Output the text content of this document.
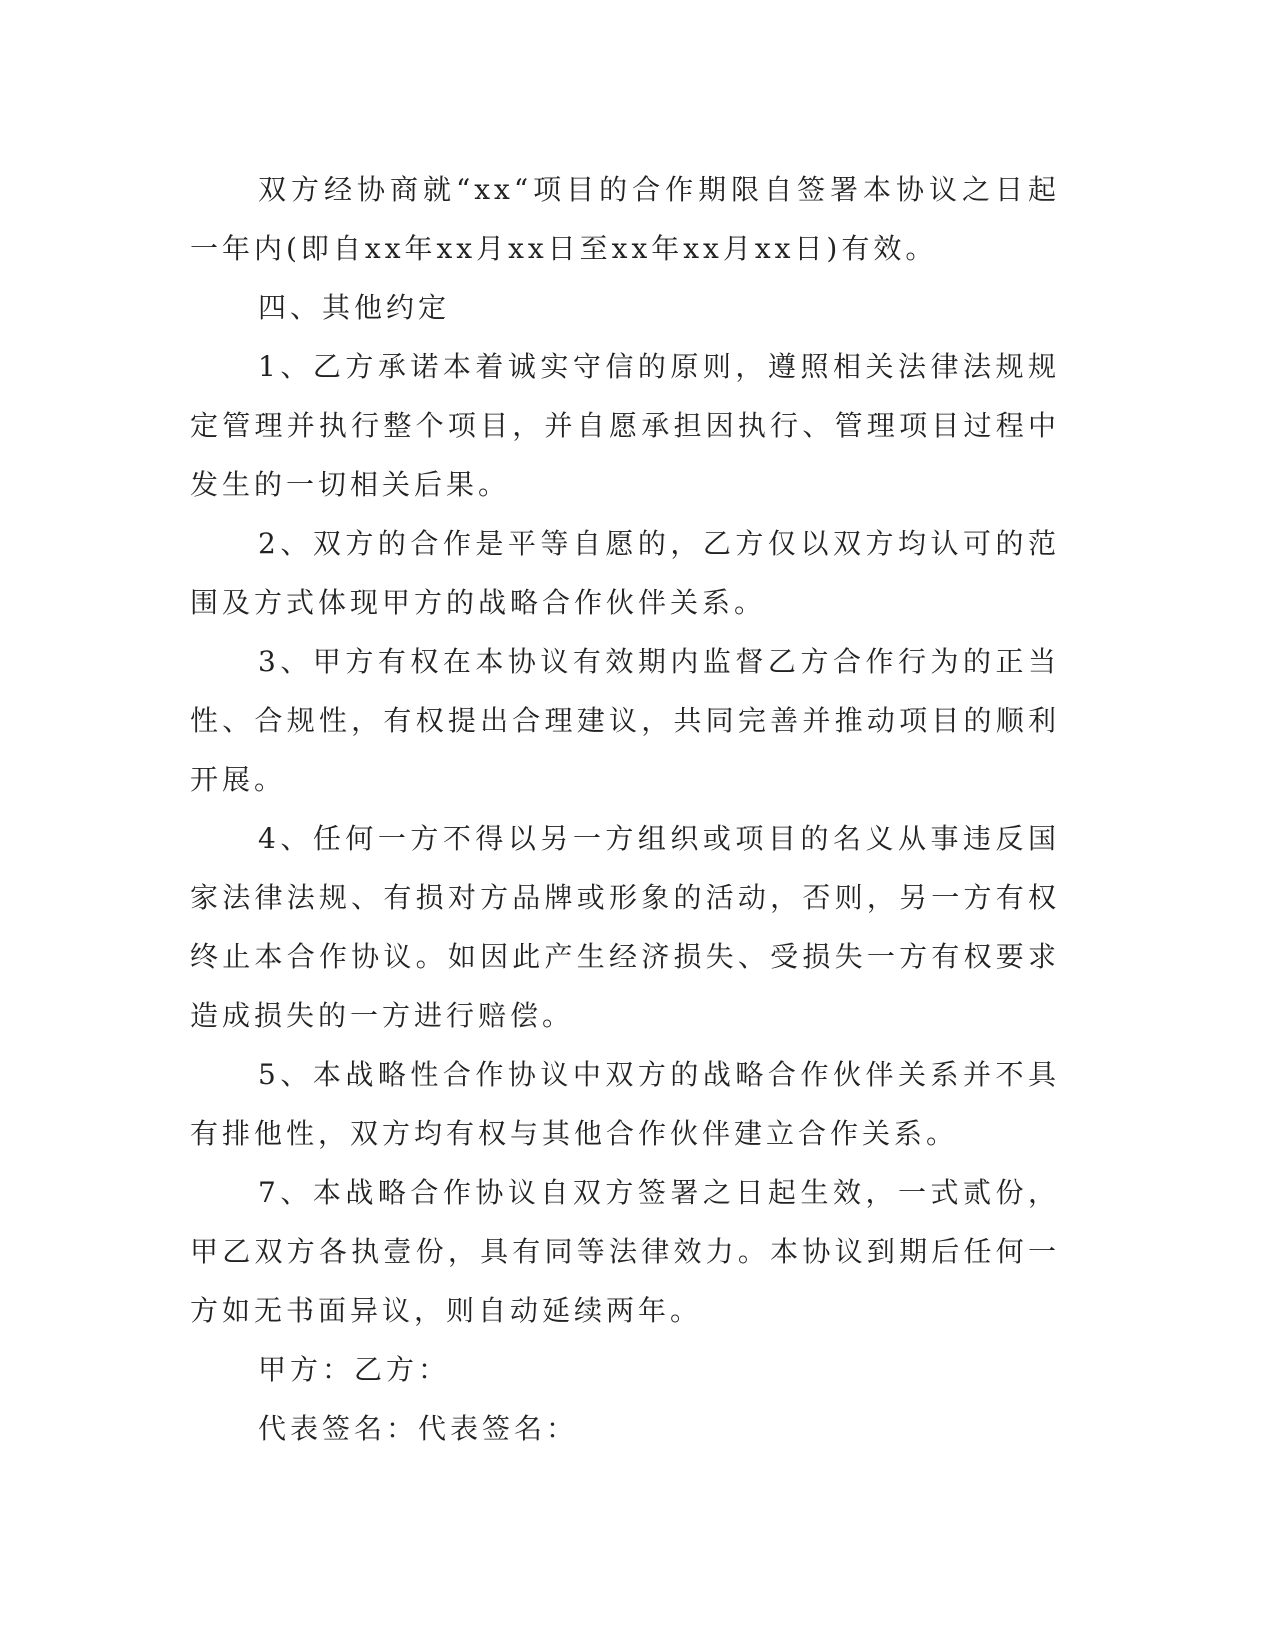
双方经协商就“xx“项目的合作期限自签署本协议之日起一年内(即自xx年xx月xx日至xx年xx月xx日)有效。

四、其他约定

1、乙方承诺本着诚实守信的原则，遵照相关法律法规规定管理并执行整个项目，并自愿承担因执行、管理项目过程中发生的一切相关后果。

2、双方的合作是平等自愿的，乙方仅以双方均认可的范围及方式体现甲方的战略合作伙伴关系。

3、甲方有权在本协议有效期内监督乙方合作行为的正当性、合规性，有权提出合理建议，共同完善并推动项目的顺利开展。

4、任何一方不得以另一方组织或项目的名义从事违反国家法律法规、有损对方品牌或形象的活动，否则，另一方有权终止本合作协议。如因此产生经济损失、受损失一方有权要求造成损失的一方进行赔偿。

5、本战略性合作协议中双方的战略合作伙伴关系并不具有排他性，双方均有权与其他合作伙伴建立合作关系。

7、本战略合作协议自双方签署之日起生效，一式贰份，甲乙双方各执壹份，具有同等法律效力。本协议到期后任何一方如无书面异议，则自动延续两年。

甲方：乙方：

代表签名：代表签名：
